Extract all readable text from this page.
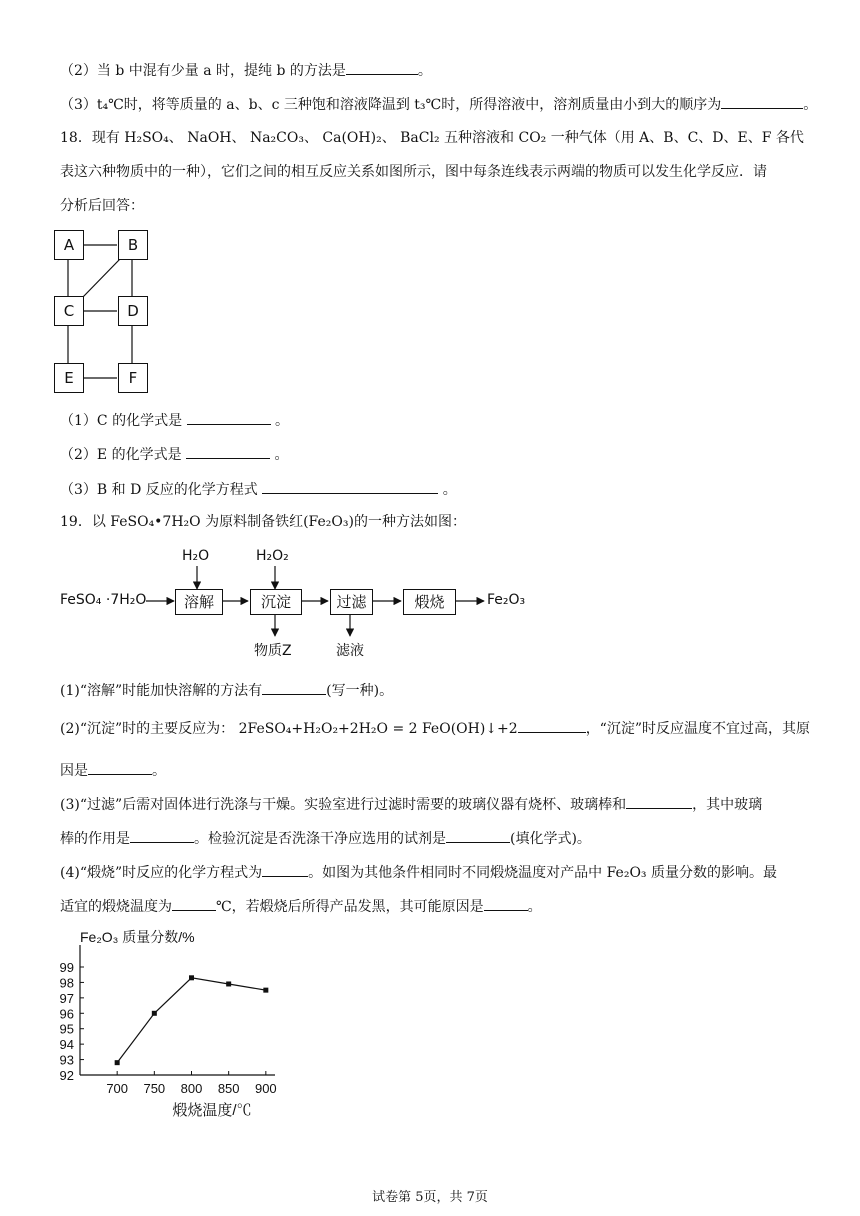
（2）当 b 中混有少量 a 时，提纯 b 的方法是	。
（3）t₄℃时，将等质量的 a、b、c 三种饱和溶液降温到 t₃℃时，所得溶液中，溶剂质量由小到大的顺序为	。
18．现有 H₂SO₄、 NaOH、 Na₂CO₃、 Ca(OH)₂、 BaCl₂ 五种溶液和 CO₂ 一种气体（用 A、B、C、D、E、F 各代
表这六种物质中的一种），它们之间的相互反应关系如图所示，图中每条连线表示两端的物质可以发生化学反应．请
分析后回答：
A	B
C	D
E	F
（1）C 的化学式是	。
（2）E 的化学式是	。
（3）B 和 D 反应的化学方程式	。
19．以 FeSO₄•7H₂O 为原料制备铁红(Fe₂O₃)的一种方法如图：
FeSO₄ ·7H₂O	溶解	沉淀	过滤	煅烧	Fe₂O₃
H₂O	H₂O₂
物质Z	滤液
(1)“溶解”时能加快溶解的方法有	(写一种)。
(2)“沉淀”时的主要反应为： 2FeSO₄+H₂O₂+2H₂O = 2 FeO(OH)↓+2	，“沉淀”时反应温度不宜过高，其原
因是	。
(3)“过滤”后需对固体进行洗涤与干燥。实验室进行过滤时需要的玻璃仪器有烧杯、玻璃棒和	，其中玻璃
棒的作用是	。检验沉淀是否洗涤干净应选用的试剂是	(填化学式)。
(4)“煅烧”时反应的化学方程式为	。如图为其他条件相同时不同煅烧温度对产品中 Fe₂O₃ 质量分数的影响。最
适宜的煅烧温度为	℃，若煅烧后所得产品发黑，其可能原因是	。
92
93
94
95
96
97
98
99
700 750 800 850 900
Fe₂O₃ 质量分数/%
煅烧温度/℃
试卷第 5页，共 7页
